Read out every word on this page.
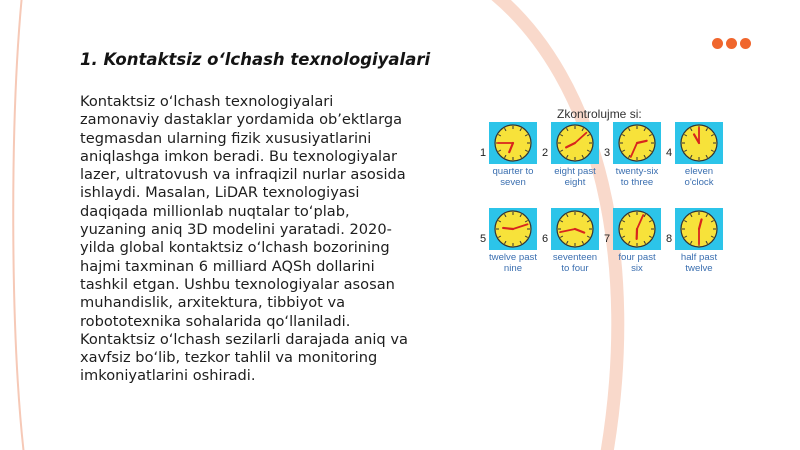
1. Kontaktsiz o‘lchash texnologiyalari

Kontaktsiz o‘lchash texnologiyalari zamonaviy dastaklar yordamida ob’ektlarga tegmasdan ularning fizik xususiyatlarini aniqlashga imkon beradi. Bu texnologiyalar lazer, ultratovush va infraqizil nurlar asosida ishlaydi. Masalan, LiDAR texnologiyasi daqiqada millionlab nuqtalar to‘plab, yuzaning aniq 3D modelini yaratadi. 2020-yilda global kontaktsiz o‘lchash bozorining hajmi taxminan 6 milliard AQSh dollarini tashkil etgan. Ushbu texnologiyalar asosan muhandislik, arxitektura, tibbiyot va robototexnika sohalarida qo‘llaniladi. Kontaktsiz o‘lchash sezilarli darajada aniq va xavfsiz bo‘lib, tezkor tahlil va monitoring imkoniyatlarini oshiradi.

Zkontrolujme si:
1
quarter to
seven
2
eight past
eight
3
twenty-six
to three
4
eleven
o'clock
5
twelve past
nine
6
seventeen
to four
7
four past
six
8
half past
twelve
